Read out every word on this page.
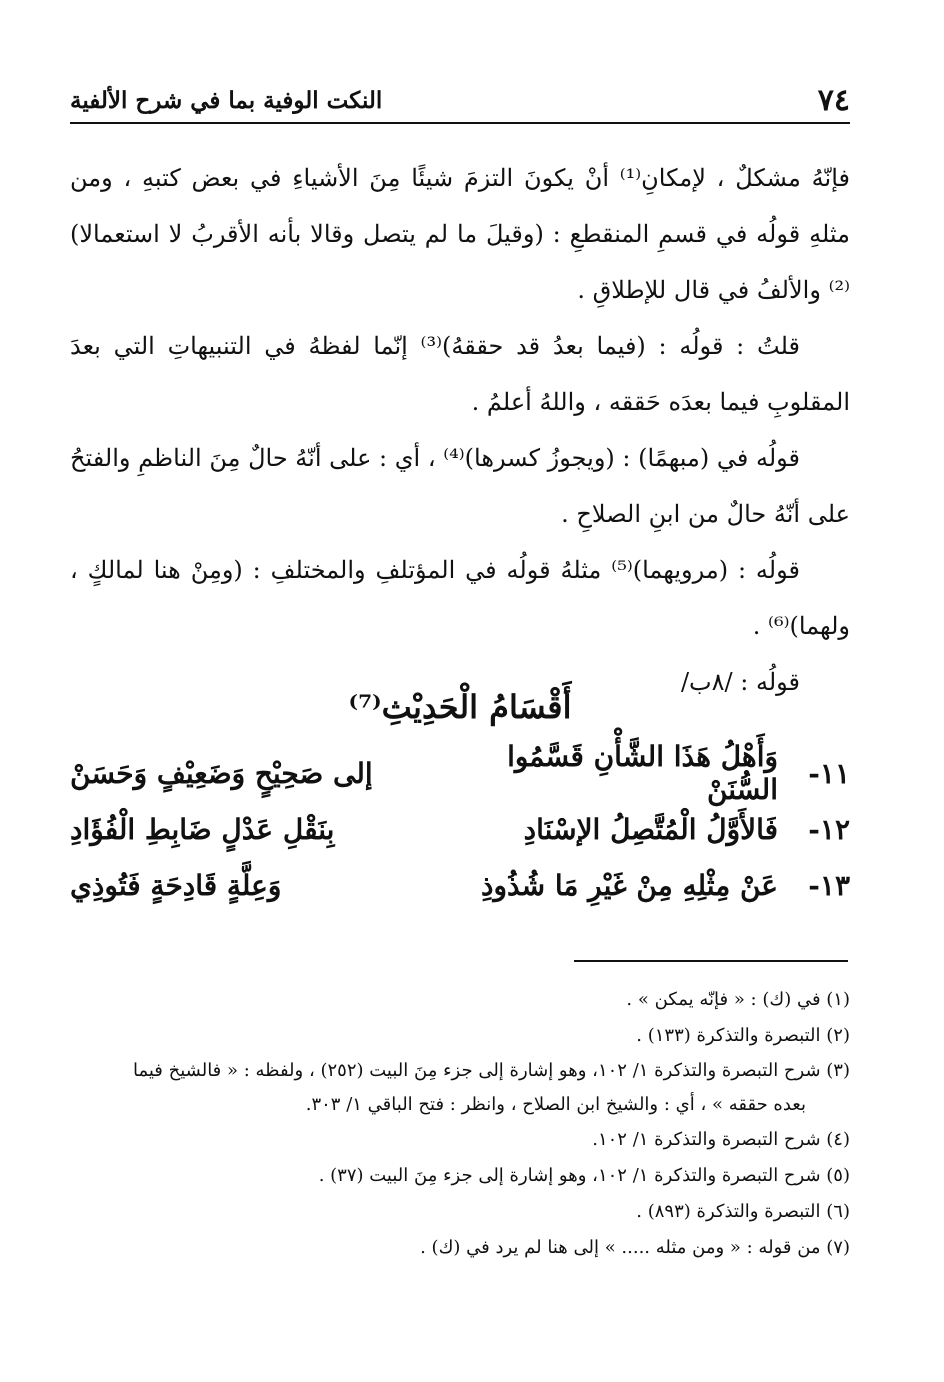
٧٤
النكت الوفية بما في شرح الألفية

فإنّهُ مشكلٌ ، لإمكانِ⁽¹⁾ أنْ يكونَ التزمَ شيئًا مِنَ الأشياءِ في بعض كتبهِ ، ومن مثلهِ قولُه في قسمِ المنقطعِ : (وقيلَ ما لم يتصل وقالا بأنه الأقربُ لا استعمالا)⁽²⁾ والألفُ في قال للإطلاقِ .

قلتُ : قولُه : (فيما بعدُ قد حققهُ)⁽³⁾ إنّما لفظهُ في التنبيهاتِ التي بعدَ المقلوبِ فيما بعدَه حَققه ، واللهُ أعلمُ .

قولُه في (مبهمًا) : (ويجوزُ كسرها)⁽⁴⁾ ، أي : على أنّهُ حالٌ مِنَ الناظمِ والفتحُ على أنّهُ حالٌ من ابنِ الصلاحِ .

قولُه : (مرويهما)⁽⁵⁾ مثلهُ قولُه في المؤتلفِ والمختلفِ : (ومِنْ هنا لمالكٍ ، ولهما)⁽⁶⁾ .

قولُه : /٨ب/

أَقْسَامُ الْحَدِيْثِ⁽⁷⁾
١١-
وَأَهْلُ هَذَا الشَّأْنِ قَسَّمُوا السُّنَنْ
إلى صَحِيْحٍ وَضَعِيْفٍ وَحَسَنْ
١٢-
فَالأَوَّلُ الْمُتَّصِلُ الإسْنَادِ
بِنَقْلِ عَدْلٍ ضَابِطِ الْفُؤَادِ
١٣-
عَنْ مِثْلِهِ مِنْ غَيْرِ مَا شُذُوذِ
وَعِلَّةٍ قَادِحَةٍ فَتُوذِي

(١) في (ك) : « فإنّه يمكن » .

(٢) التبصرة والتذكرة (١٣٣) .

(٣) شرح التبصرة والتذكرة ١/ ١٠٢، وهو إشارة إلى جزء مِنَ البيت (٢٥٢) ، ولفظه : « فالشيخ فيما

بعده حققه » ، أي : والشيخ ابن الصلاح ، وانظر : فتح الباقي ١/ ٣٠٣.

(٤) شرح التبصرة والتذكرة ١/ ١٠٢.

(٥) شرح التبصرة والتذكرة ١/ ١٠٢، وهو إشارة إلى جزء مِنَ البيت (٣٧) .

(٦) التبصرة والتذكرة (٨٩٣) .

(٧) من قوله : « ومن مثله ..... » إلى هنا لم يرد في (ك) .
